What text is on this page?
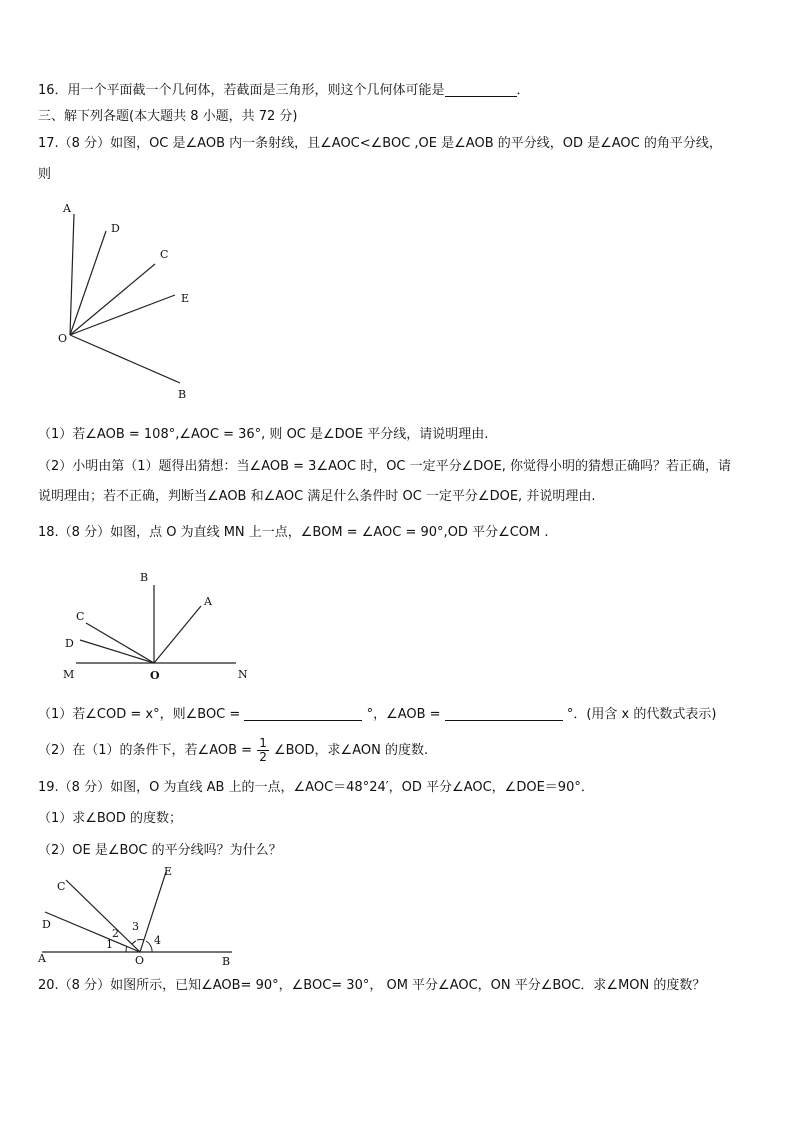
16．用一个平面截一个几何体，若截面是三角形，则这个几何体可能是	．
三、解下列各题(本大题共 8 小题，共 72 分)
17.（8 分）如图，OC 是∠AOB 内一条射线，且∠AOC<∠BOC ,OE 是∠AOB 的平分线，OD 是∠AOC 的角平分线，
则
A
D
C
E
O
B
（1）若∠AOB = 108°,∠AOC = 36°, 则 OC 是∠DOE 平分线，请说明理由.
（2）小明由第（1）题得出猜想：当∠AOB = 3∠AOC 时，OC 一定平分∠DOE, 你觉得小明的猜想正确吗？若正确，请
说明理由；若不正确，判断当∠AOB 和∠AOC 满足什么条件时 OC 一定平分∠DOE, 并说明理由.
18.（8 分）如图，点 O 为直线 MN 上一点，∠BOM = ∠AOC = 90°,OD 平分∠COM .
B
A
C
D
M	O	N
（1）若∠COD = x°，则∠BOC =	°，∠AOB =	°．(用含 x 的代数式表示)
（2）在（1）的条件下，若∠AOB = $\frac{1}{2}$ ∠BOD，求∠AON 的度数.
19.（8 分）如图，O 为直线 AB 上的一点，∠AOC＝48°24′，OD 平分∠AOC，∠DOE＝90°．
（1）求∠BOD 的度数；
（2）OE 是∠BOC 的平分线吗？为什么？
C
E
D
A	O	B
1
2
3
4
20.（8 分）如图所示，已知∠AOB= 90°，∠BOC= 30°， OM 平分∠AOC，ON 平分∠BOC．求∠MON 的度数？
